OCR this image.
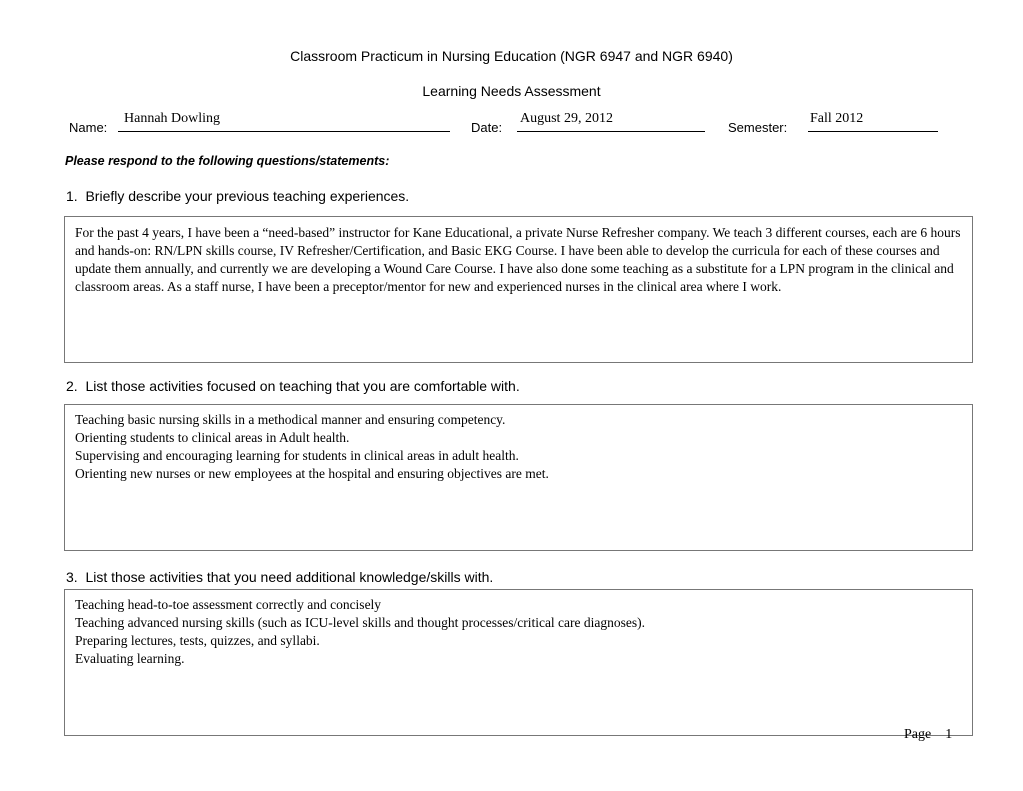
Classroom Practicum in Nursing Education (NGR 6947 and NGR 6940)
Learning Needs Assessment
Name:
Hannah Dowling
Date:
August 29, 2012
Semester:
Fall 2012
Please respond to the following questions/statements:
1. Briefly describe your previous teaching experiences.

For the past 4 years, I have been a “need-based” instructor for Kane Educational, a private Nurse Refresher company. We teach 3 different courses, each are 6 hours and hands-on: RN/LPN skills course, IV Refresher/Certification, and Basic EKG Course. I have been able to develop the curricula for each of these courses and update them annually, and currently we are developing a Wound Care Course. I have also done some teaching as a substitute for a LPN program in the clinical and classroom areas. As a staff nurse, I have been a preceptor/mentor for new and experienced nurses in the clinical area where I work.

2. List those activities focused on teaching that you are comfortable with.

Teaching basic nursing skills in a methodical manner and ensuring competency.

Orienting students to clinical areas in Adult health.

Supervising and encouraging learning for students in clinical areas in adult health.

Orienting new nurses or new employees at the hospital and ensuring objectives are met.

3. List those activities that you need additional knowledge/skills with.

Teaching head-to-toe assessment correctly and concisely

Teaching advanced nursing skills (such as ICU-level skills and thought processes/critical care diagnoses).

Preparing lectures, tests, quizzes, and syllabi.

Evaluating learning.

Page 1
